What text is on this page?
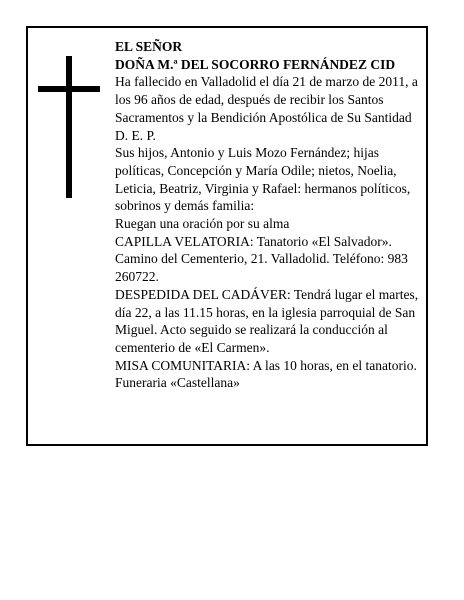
EL SEÑOR

DOÑA M.ª DEL SOCORRO FERNÁNDEZ CID

Ha fallecido en Valladolid el día 21 de marzo de 2011, a los 96 años de edad, después de recibir los Santos Sacramentos y la Bendición Apostólica de Su Santidad

D. E. P.

Sus hijos, Antonio y Luis Mozo Fernández; hijas políticas, Concepción y María Odile; nietos, Noelia, Leticia, Beatriz, Virginia y Rafael: hermanos políticos, sobrinos y demás familia:

Ruegan una oración por su alma

CAPILLA VELATORIA: Tanatorio «El Salvador». Camino del Cementerio, 21. Valladolid. Teléfono: 983 260722.

DESPEDIDA DEL CADÁVER: Tendrá lugar el martes, día 22, a las 11.15 horas, en la iglesia parroquial de San Miguel. Acto seguido se realizará la conducción al cementerio de «El Carmen».

MISA COMUNITARIA: A las 10 horas, en el tanatorio.

Funeraria «Castellana»
